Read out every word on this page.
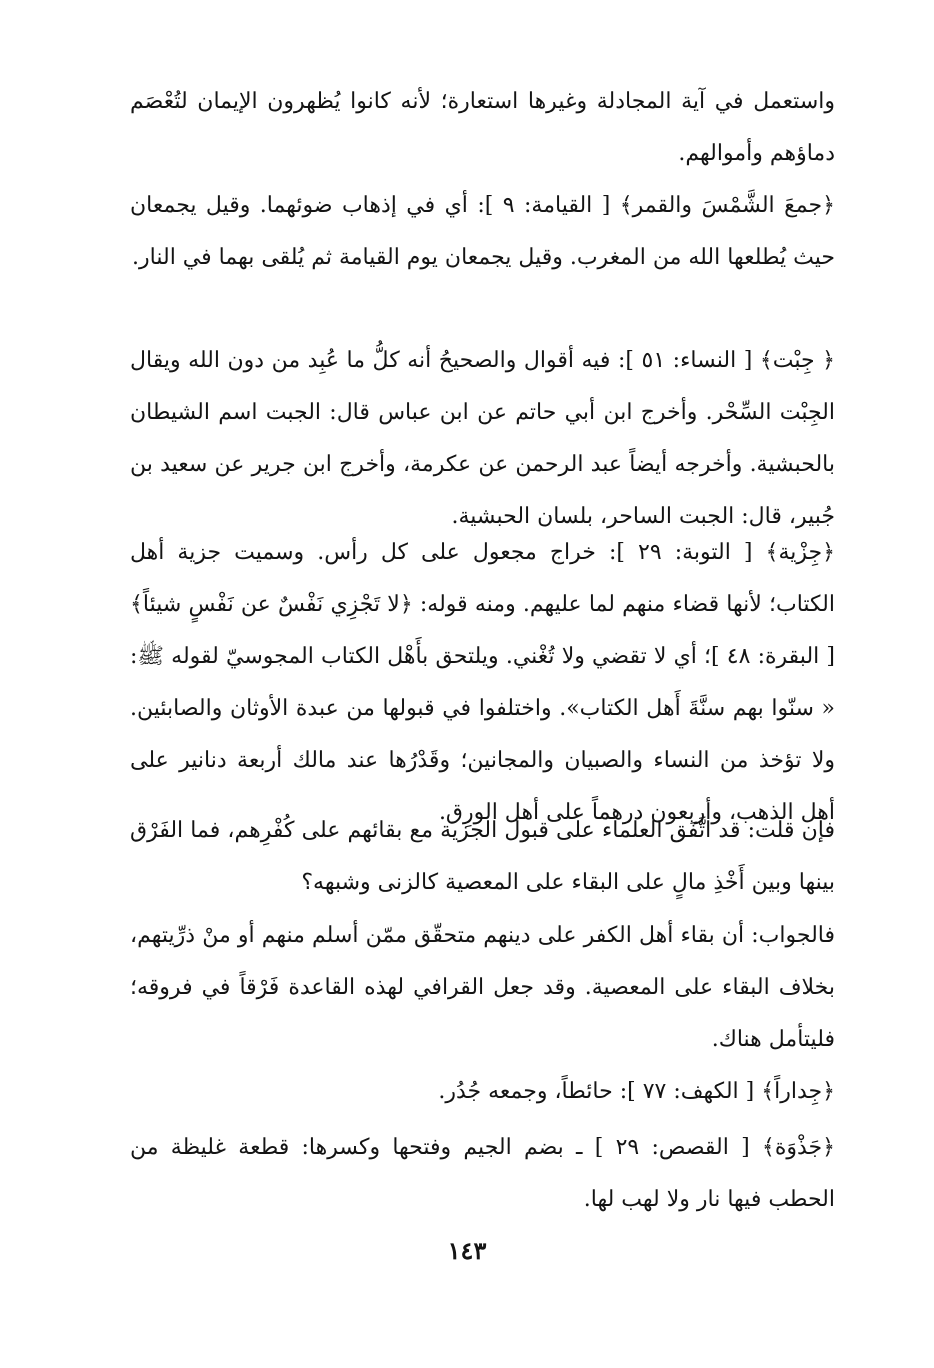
واستعمل في آية المجادلة وغيرها استعارة؛ لأنه كانوا يُظهرون الإيمان لتُعْصَم دماؤهم وأموالهم.

﴿جمعَ الشَّمْسَ والقمر﴾ [ القيامة: ٩ ]: أي في إذهاب ضوئهما. وقيل يجمعان حيث يُطلعها الله من المغرب. وقيل يجمعان يوم القيامة ثم يُلقى بهما في النار.

﴿ جِبْت﴾ [ النساء: ٥١ ]: فيه أقوال والصحيحُ أنه كلُّ ما عُبِد من دون الله ويقال الجِبْت السِّحْر. وأخرج ابن أبي حاتم عن ابن عباس قال: الجبت اسم الشيطان بالحبشية. وأخرجه أيضاً عبد الرحمن عن عكرمة، وأخرج ابن جرير عن سعيد بن جُبير، قال: الجبت الساحر، بلسان الحبشية.

﴿جِزْية﴾ [ التوبة: ٢٩ ]: خراج مجعول على كل رأس. وسميت جزية أهل الكتاب؛ لأنها قضاء منهم لما عليهم. ومنه قوله: ﴿لا تَجْزِي نَفْسٌ عن نَفْسٍ شيئاً﴾ [ البقرة: ٤٨ ]؛ أي لا تقضي ولا تُغْني. ويلتحق بأَهْل الكتاب المجوسيّ لقوله ﷺ: « سنّوا بهم سنَّةَ أَهل الكتاب». واختلفوا في قبولها من عبدة الأوثان والصابئين. ولا تؤخذ من النساء والصبيان والمجانين؛ وقَدْرُها عند مالك أربعة دنانير على أهل الذهب، وأربعون درهماً على أهل الورِق.

فإن قلت: قد اتَّفَق العلماء على قبول الجزية مع بقائهم على كُفْرِهم، فما الفَرْق بينها وبين أَخْذِ مالٍ على البقاء على المعصية كالزنى وشبهه؟

فالجواب: أن بقاء أهل الكفر على دينهم متحقّق ممّن أسلم منهم أو منْ ذرِّيتهم، بخلاف البقاء على المعصية. وقد جعل القرافي لهذه القاعدة فَرْقاً في فروقه؛ فليتأمل هناك.

﴿جِداراً﴾ [ الكهف: ٧٧ ]: حائطاً، وجمعه جُدُر.

﴿جَذْوَة﴾ [ القصص: ٢٩ ] ـ بضم الجيم وفتحها وكسرها: قطعة غليظة من الحطب فيها نار ولا لهب لها.

١٤٣
